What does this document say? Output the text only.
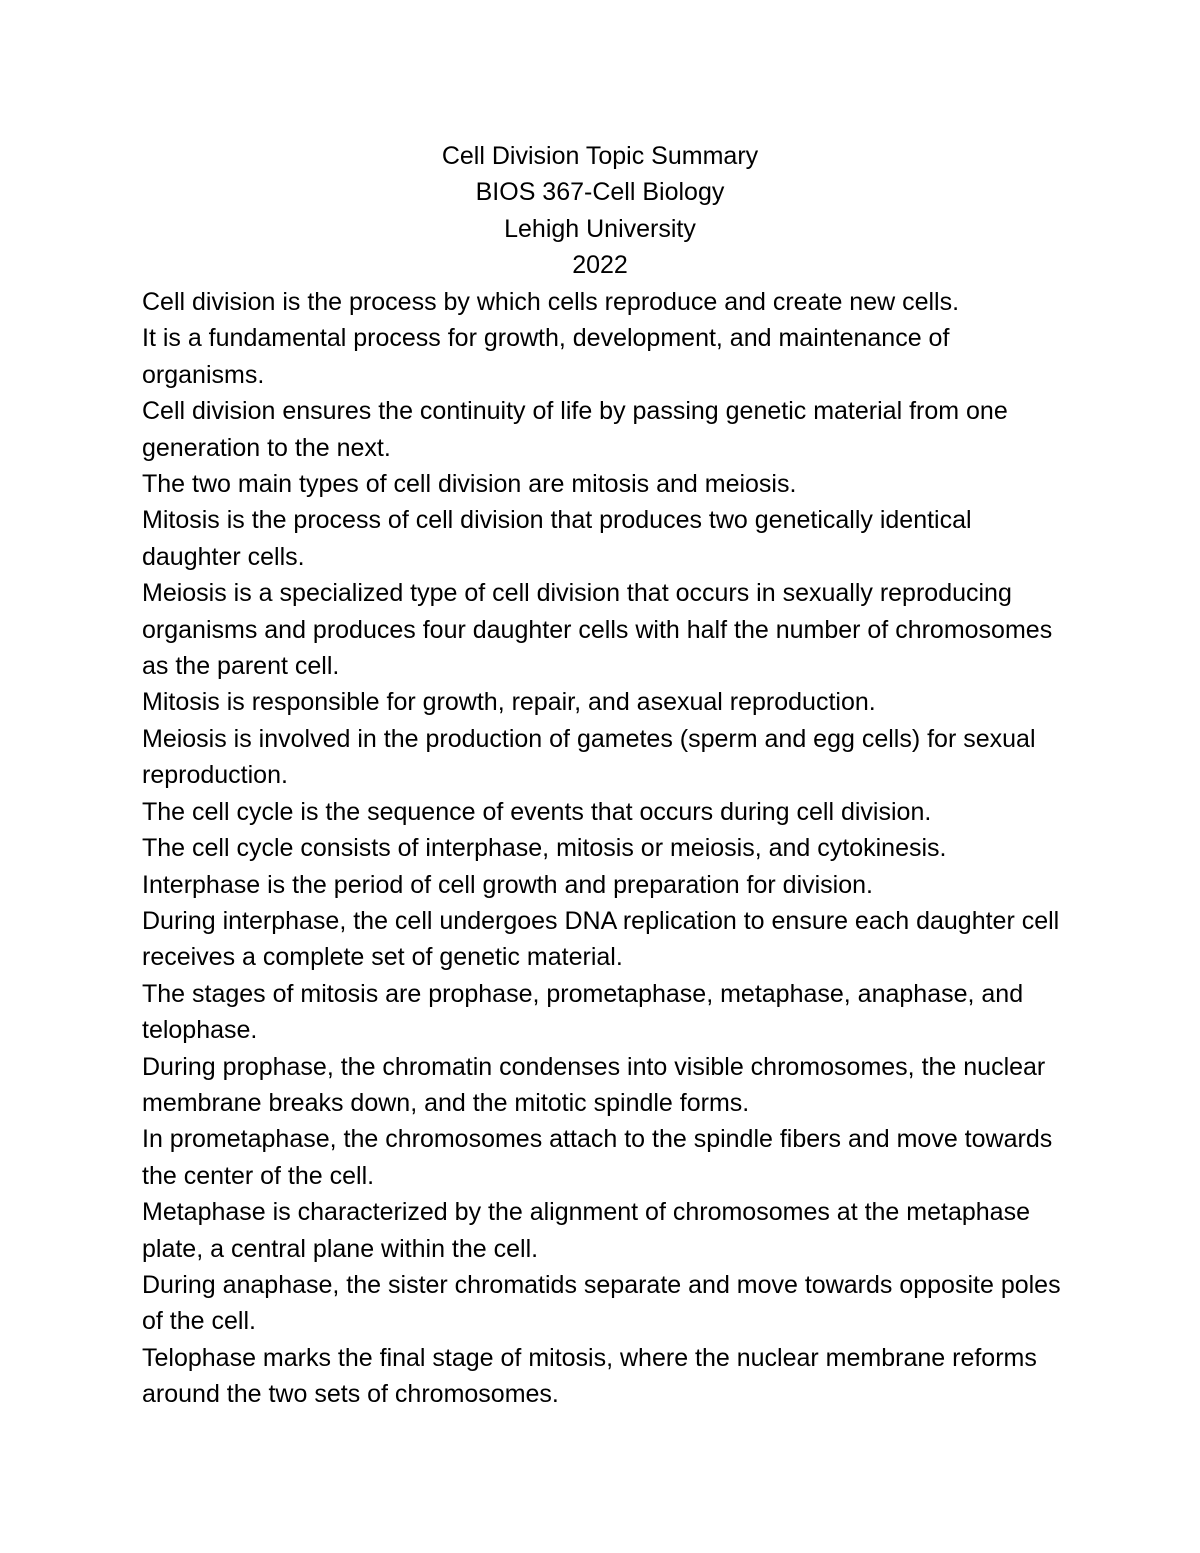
Cell Division Topic Summary
BIOS 367-Cell Biology
Lehigh University
2022

Cell division is the process by which cells reproduce and create new cells.

It is a fundamental process for growth, development, and maintenance of organisms.

Cell division ensures the continuity of life by passing genetic material from one generation to the next.

The two main types of cell division are mitosis and meiosis.

Mitosis is the process of cell division that produces two genetically identical daughter cells.

Meiosis is a specialized type of cell division that occurs in sexually reproducing organisms and produces four daughter cells with half the number of chromosomes as the parent cell.

Mitosis is responsible for growth, repair, and asexual reproduction.

Meiosis is involved in the production of gametes (sperm and egg cells) for sexual reproduction.

The cell cycle is the sequence of events that occurs during cell division.

The cell cycle consists of interphase, mitosis or meiosis, and cytokinesis.

Interphase is the period of cell growth and preparation for division.

During interphase, the cell undergoes DNA replication to ensure each daughter cell receives a complete set of genetic material.

The stages of mitosis are prophase, prometaphase, metaphase, anaphase, and telophase.

During prophase, the chromatin condenses into visible chromosomes, the nuclear membrane breaks down, and the mitotic spindle forms.

In prometaphase, the chromosomes attach to the spindle fibers and move towards the center of the cell.

Metaphase is characterized by the alignment of chromosomes at the metaphase plate, a central plane within the cell.

During anaphase, the sister chromatids separate and move towards opposite poles of the cell.

Telophase marks the final stage of mitosis, where the nuclear membrane reforms around the two sets of chromosomes.
